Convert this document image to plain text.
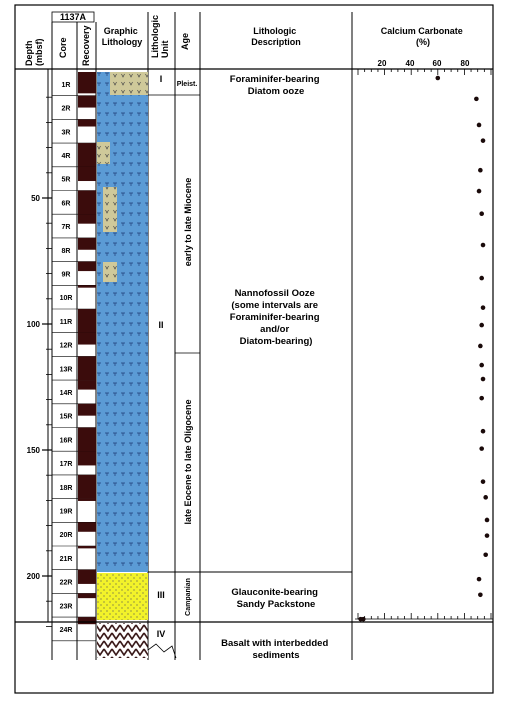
1137A
Depth (mbsf) Core Recovery Graphic Lithology Lithologic Unit Age
Lithologic Description
Calcium Carbonate (%)
20 40 60 80
50
100
150
200
1R
2R
3R
4R
5R
6R
7R
8R
9R
10R
11R
12R
13R
14R
15R
16R
17R
18R
19R
20R
21R
22R
23R
24R
I
II
III
IV
Pleist.
early to late Miocene
late Eocene to late Oligocene
Campanian
Foraminifer-bearing Diatom ooze
Nannofossil Ooze (some intervals are Foraminifer-bearing and/or Diatom-bearing)
Glauconite-bearing Sandy Packstone
Basalt with interbedded sediments
